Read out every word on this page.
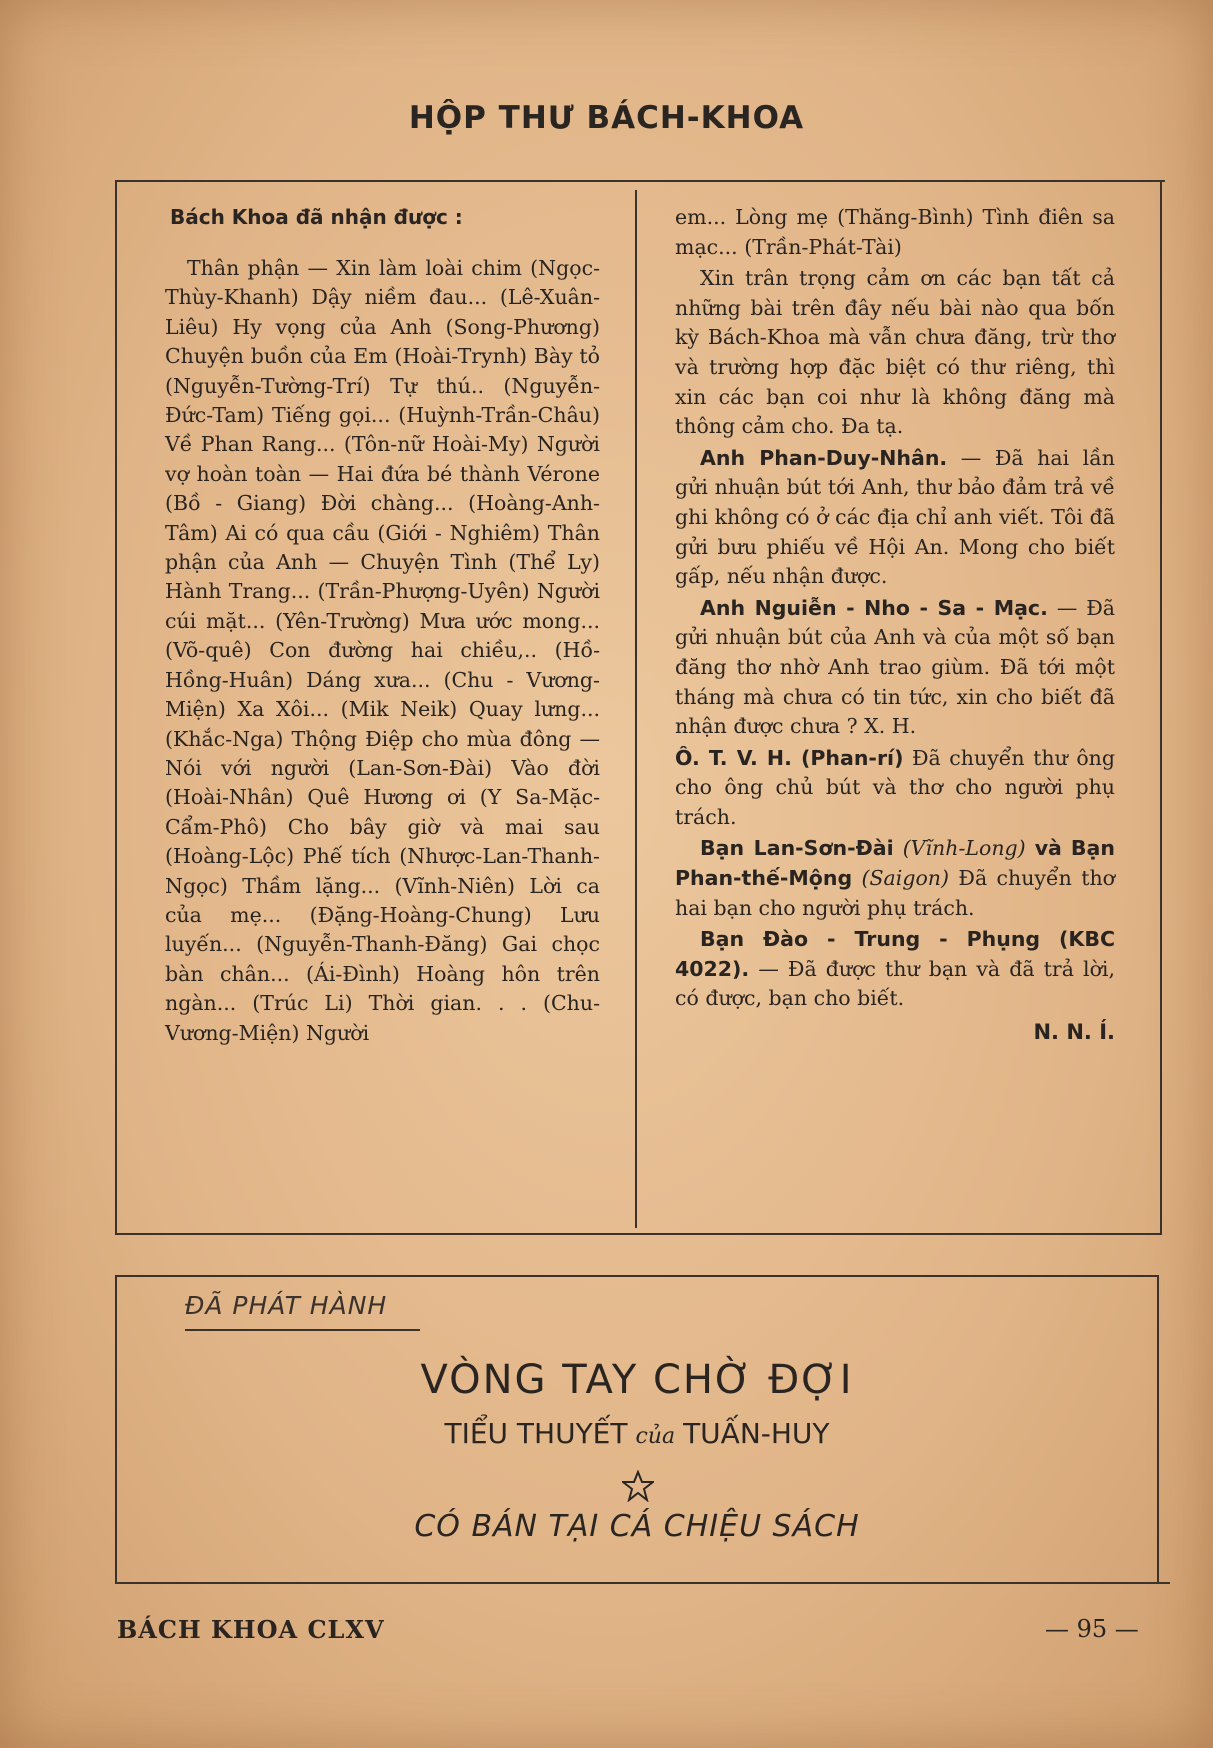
HỘP THƯ BÁCH-KHOA
Bách Khoa đã nhận được :

Thân phận — Xin làm loài chim (Ngọc-Thùy-Khanh) Dậy niềm đau... (Lê-Xuân-Liêu) Hy vọng của Anh (Song-Phương) Chuyện buồn của Em (Hoài-Trynh) Bày tỏ (Nguyễn-Tường-Trí) Tự thú.. (Nguyễn-Đức-Tam) Tiếng gọi... (Huỳnh-Trần-Châu) Về Phan Rang... (Tôn-nữ Hoài-My) Người vợ hoàn toàn — Hai đứa bé thành Vérone (Bồ - Giang) Đời chàng... (Hoàng-Anh-Tâm) Ai có qua cầu (Giới - Nghiêm) Thân phận của Anh — Chuyện Tình (Thể Ly) Hành Trang... (Trần-Phượng-Uyên) Người cúi mặt... (Yên-Trường) Mưa ước mong... (Võ-quê) Con đường hai chiều,.. (Hồ-Hồng-Huân) Dáng xưa... (Chu - Vương-Miện) Xa Xôi... (Mik Neik) Quay lưng... (Khắc-Nga) Thộng Điệp cho mùa đông — Nói với người (Lan-Sơn-Đài) Vào đời (Hoài-Nhân) Quê Hương ơi (Y Sa-Mặc-Cẩm-Phô) Cho bây giờ và mai sau (Hoàng-Lộc) Phế tích (Nhược-Lan-Thanh-Ngọc) Thầm lặng... (Vĩnh-Niên) Lời ca của mẹ... (Đặng-Hoàng-Chung) Lưu luyến... (Nguyễn-Thanh-Đăng) Gai chọc bàn chân... (Ái-Đình) Hoàng hôn trên ngàn... (Trúc Li) Thời gian. . . (Chu-Vương-Miện) Người

em... Lòng mẹ (Thăng-Bình) Tình điên sa mạc... (Trần-Phát-Tài)

Xin trân trọng cảm ơn các bạn tất cả những bài trên đây nếu bài nào qua bốn kỳ Bách-Khoa mà vẫn chưa đăng, trừ thơ và trường hợp đặc biệt có thư riêng, thì xin các bạn coi như là không đăng mà thông cảm cho. Đa tạ.

Anh Phan-Duy-Nhân. — Đã hai lần gửi nhuận bút tới Anh, thư bảo đảm trả về ghi không có ở các địa chỉ anh viết. Tôi đã gửi bưu phiếu về Hội An. Mong cho biết gấp, nếu nhận được.

Anh Nguiễn - Nho - Sa - Mạc. — Đã gửi nhuận bút của Anh và của một số bạn đăng thơ nhờ Anh trao giùm. Đã tới một tháng mà chưa có tin tức, xin cho biết đã nhận được chưa ? X. H.

Ô. T. V. H. (Phan-rí) Đã chuyển thư ông cho ông chủ bút và thơ cho người phụ trách.

Bạn Lan-Sơn-Đài (Vĩnh-Long) và Bạn Phan-thế-Mộng (Saigon) Đã chuyển thơ hai bạn cho người phụ trách.

Bạn Đào - Trung - Phụng (KBC 4022). — Đã được thư bạn và đã trả lời, có được, bạn cho biết.

N. N. Í.
ĐÃ PHÁT HÀNH
VÒNG TAY CHỜ ĐỢI
TIỂU THUYẾT của TUẤN-HUY
CÓ BÁN TẠI CÁ CHIỆU SÁCH
BÁCH KHOA CLXV	— 95 —
